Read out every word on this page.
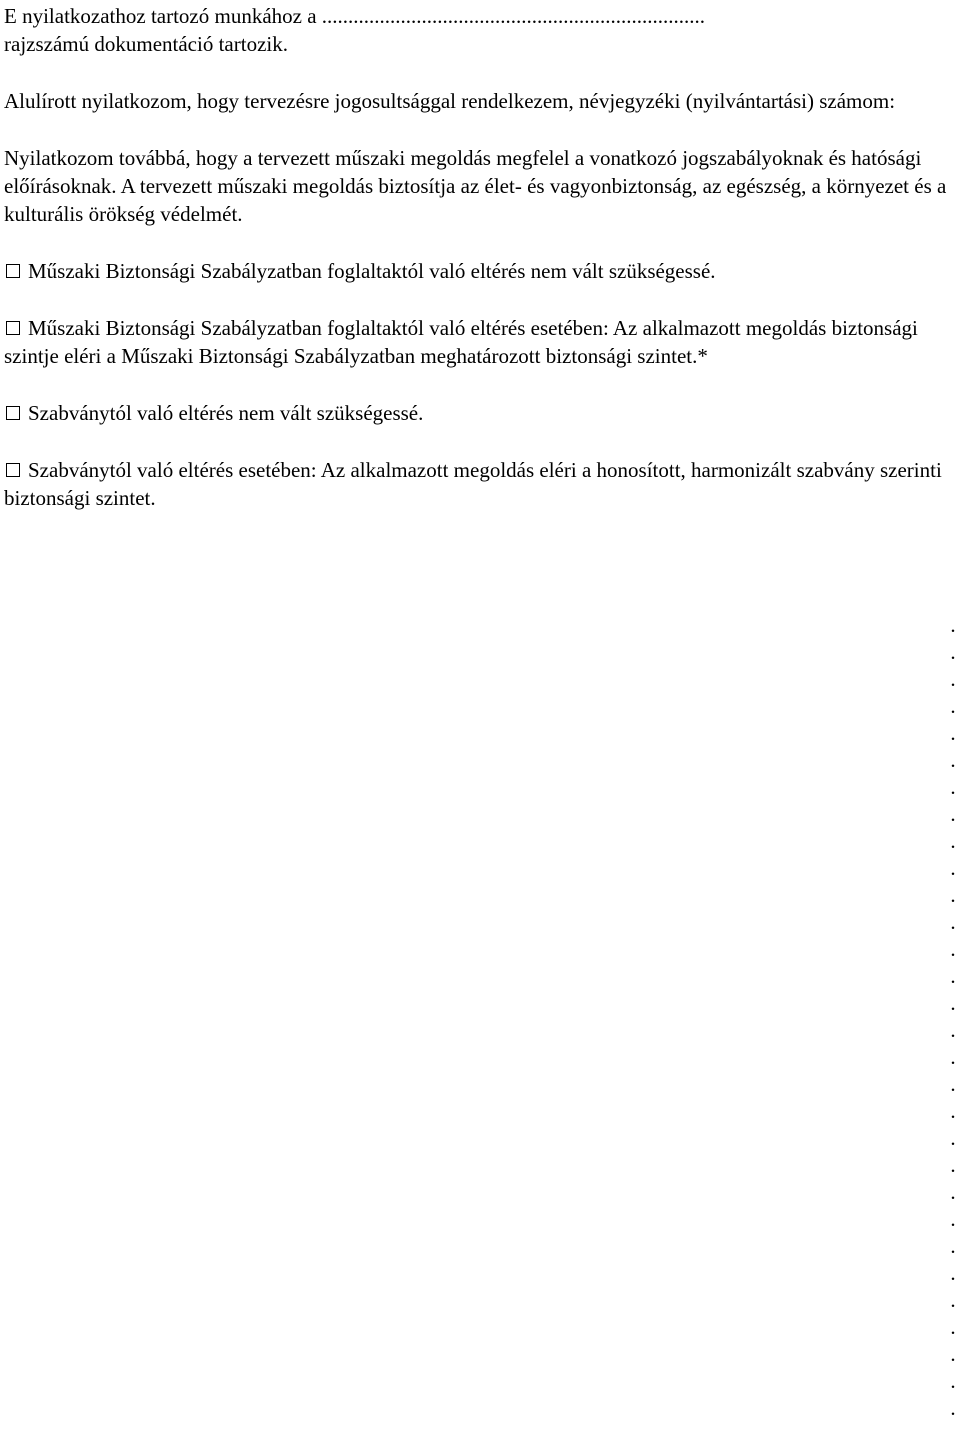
E nyilatkozathoz tartozó munkához a .........................................................................

rajzszámú dokumentáció tartozik.

Alulírott nyilatkozom, hogy tervezésre jogosultsággal rendelkezem, névjegyzéki (nyilvántartási) számom:

Nyilatkozom továbbá, hogy a tervezett műszaki megoldás megfelel a vonatkozó jogszabályoknak és hatósági előírásoknak. A tervezett műszaki megoldás biztosítja az élet- és vagyonbiztonság, az egészség, a környezet és a kulturális örökség védelmét.

Műszaki Biztonsági Szabályzatban foglaltaktól való eltérés nem vált szükségessé.

Műszaki Biztonsági Szabályzatban foglaltaktól való eltérés esetében: Az alkalmazott megoldás biztonsági szintje eléri a Műszaki Biztonsági Szabályzatban meghatározott biztonsági szintet.*

Szabványtól való eltérés nem vált szükségessé.

Szabványtól való eltérés esetében: Az alkalmazott megoldás eléri a honosított, harmonizált szabvány szerinti biztonsági szintet.

.
.
.
.
.
.
.
.
.
.
.
.
.
.
.
.
.
.
.
.
.
.
.
.
.
.
.
.
.
.
